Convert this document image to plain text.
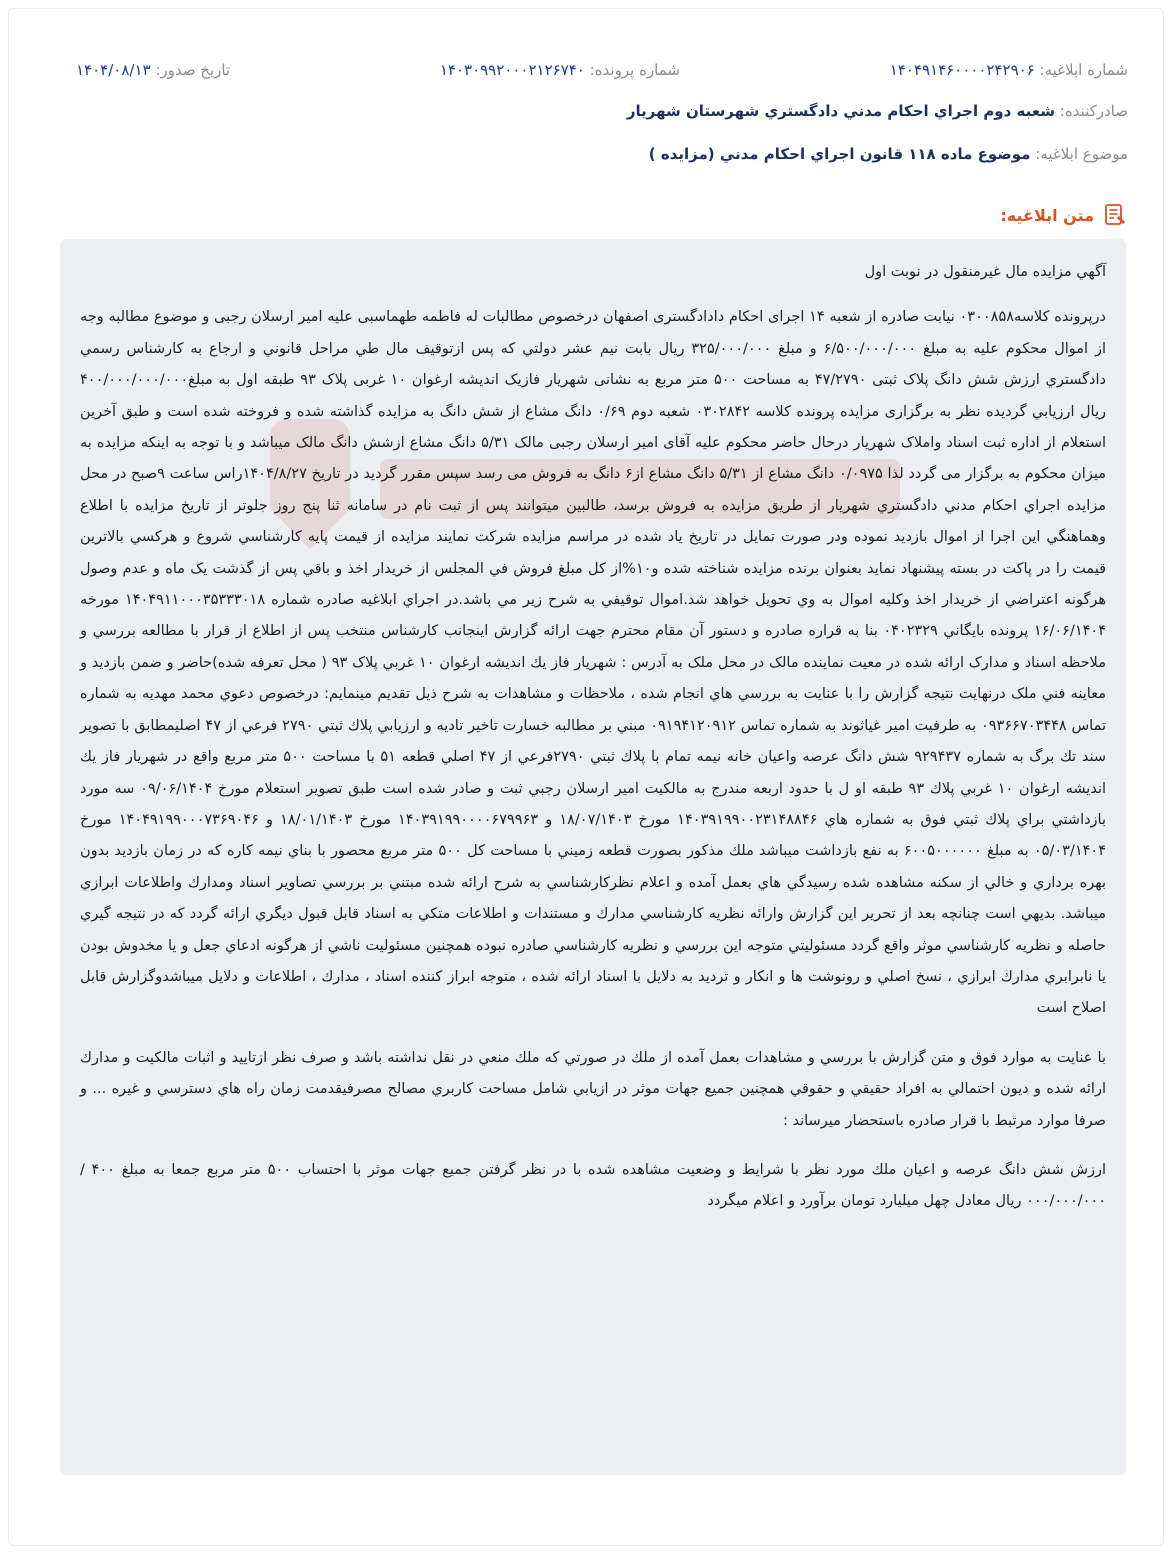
شماره ابلاغیه: ۱۴۰۴۹۱۴۶۰۰۰۰۲۴۲۹۰۶
شماره پرونده: ۱۴۰۳۰۹۹۲۰۰۰۲۱۲۶۷۴۰
تاریخ صدور: ۱۴۰۴/۰۸/۱۳
صادرکننده: شعبه دوم اجراي احکام مدني دادگستري شهرستان شهريار
موضوع ابلاغیه: موضوع ماده ۱۱۸ قانون اجراي احکام مدني (مزايده )
متن ابلاغیه:

آگهي مزايده مال غيرمنقول در نوبت اول

درپرونده کلاسه۰۳۰۰۸۵۸ نيابت صادره از شعبه ۱۴ اجرای احکام دادادگستری اصفهان درخصوص مطالبات له فاطمه طهماسبی علیه امیر ارسلان رجبی و موضوع مطالبه وجه از اموال محکوم علیه به مبلغ ۶/۵۰۰/۰۰۰/۰۰۰ و مبلغ ۳۲۵/۰۰۰/۰۰۰ ريال بابت نيم عشر دولتي که پس ازتوقيف مال طي مراحل قانوني و ارجاع به کارشناس رسمي دادگستري ارزش شش دانگ پلاک ثبتی ۴۷/۲۷۹۰ به مساحت ۵۰۰ متر مربع به نشانی شهريار فازيک انديشه ارغوان ۱۰ غربی پلاک ۹۳ طبقه اول به مبلغ۴۰۰/۰۰۰/۰۰۰/۰۰۰ ريال ارزيابي گرديده نظر به برگزاری مزايده پرونده کلاسه ۰۳۰۲۸۴۲ شعبه دوم ۰/۶۹ دانگ مشاع از شش دانگ به مزايده گذاشته شده و فروخته شده است و طبق آخرين استعلام از اداره ثبت اسناد واملاک شهريار درحال حاضر محکوم عليه آقای امير ارسلان رجبی مالک ۵/۳۱ دانگ مشاع ازشش دانگ مالک ميباشد و با توجه به اينکه مزايده به ميزان محکوم به برگزار می گردد لذا ۰/۰۹۷۵ دانگ مشاع از ۵/۳۱ دانگ مشاع از۶ دانگ به فروش می رسد سپس مقرر گرديد در تاريخ ۱۴۰۴/۸/۲۷راس ساعت ۹صبح در محل مزايده اجراي احکام مدني دادگستري شهريار از طريق مزايده به فروش برسد، طالبين ميتوانند پس از ثبت نام در سامانه ثنا پنج روز جلوتر از تاريخ مزايده با اطلاع وهماهنگي اين اجرا از اموال بازديد نموده ودر صورت تمايل در تاريخ ياد شده در مراسم مزايده شرکت نمايند مزايده از قيمت پايه کارشناسي شروع و هرکسي بالاترين قيمت را در پاکت در بسته پيشنهاد نمايد بعنوان برنده مزايده شناخته شده و۱۰%از کل مبلغ فروش في المجلس از خريدار اخذ و باقي پس از گذشت يک ماه و عدم وصول هرگونه اعتراضي از خريدار اخذ وکليه اموال به وي تحويل خواهد شد.اموال توقيفي به شرح زير مي باشد.در اجراي ابلاغيه صادره شماره ۱۴۰۴۹۱۱۰۰۰۳۵۳۳۳۰۱۸ مورخه ۱۶/۰۶/۱۴۰۴ پرونده بايگاني ۰۴۰۲۳۲۹ بنا به قراره صادره و دستور آن مقام محترم جهت ارائه گزارش اينجانب کارشناس منتخب پس از اطلاع از قرار با مطالعه بررسي و ملاحظه اسناد و مدارک ارائه شده در معيت نماينده مالک در محل ملک به آدرس : شهريار فاز يك انديشه ارغوان ۱۰ غربي پلاک ۹۳ ( محل تعرفه شده)حاضر و ضمن بازديد و معاينه فني ملک درنهايت نتيجه گزارش را با عنايت به بررسي هاي انجام شده ، ملاحظات و مشاهدات به شرح ذيل تقديم مينمايم: درخصوص دعوي محمد مهديه به شماره تماس ۰۹۳۶۶۷۰۳۴۴۸ به طرفيت امير غياثوند به شماره تماس ۰۹۱۹۴۱۲۰۹۱۲ مبني بر مطالبه خسارت تاخير تاديه و ارزيابي پلاك ثبتي ۲۷۹۰ فرعي از ۴۷ اصليمطابق با تصوير سند تك برگ به شماره ۹۲۹۴۳۷ شش دانگ عرصه واعيان خانه نيمه تمام با پلاك ثبتي ۲۷۹۰فرعي از ۴۷ اصلي قطعه ۵۱ با مساحت ۵۰۰ متر مربع واقع در شهريار فاز يك انديشه ارغوان ۱۰ غربي پلاك ۹۳ طبقه او ل با حدود اربعه مندرج به مالکيت امير ارسلان رجبي ثبت و صادر شده است طبق تصوير استعلام مورخ ۰۹/۰۶/۱۴۰۴ سه مورد بازداشتي براي پلاك ثبتي فوق به شماره هاي ۱۴۰۳۹۱۹۹۰۰۲۳۱۴۸۸۴۶ مورخ ۱۸/۰۷/۱۴۰۳ و ۱۴۰۳۹۱۹۹۰۰۰۰۶۷۹۹۶۳ مورخ ۱۸/۰۱/۱۴۰۳ و ۱۴۰۴۹۱۹۹۰۰۰۷۳۶۹۰۴۶ مورخ ۰۵/۰۳/۱۴۰۴ به مبلغ ۶۰۰۵۰۰۰۰۰۰ به نفع بازداشت ميباشد ملك مذكور بصورت قطعه زميني با مساحت كل ۵۰۰ متر مربع محصور با بناي نيمه كاره كه در زمان بازديد بدون بهره برداري و خالي از سكنه مشاهده شده رسيدگي هاي بعمل آمده و اعلام نظركارشناسي به شرح ارائه شده مبتني بر بررسي تصاوير اسناد ومدارك واطلاعات ابرازي ميباشد. بديهي است چنانچه بعد از تحرير اين گزارش وارائه نظريه كارشناسي مدارك و مستندات و اطلاعات متكي به اسناد قابل قبول ديگري ارائه گردد كه در نتيجه گيري حاصله و نظريه كارشناسي موثر واقع گردد مسئوليتي متوجه اين بررسي و نظريه كارشناسي صادره نبوده همچنين مسئوليت ناشي از هرگونه ادعاي جعل و يا مخدوش بودن يا نابرابري مدارك ابرازي ، نسخ اصلي و رونوشت ها و انكار و ترديد به دلايل با اسناد ارائه شده ، متوجه ابراز كننده اسناد ، مدارك ، اطلاعات و دلايل ميباشدوگزارش قابل اصلاح است

با عنايت به موارد فوق و متن گزارش با بررسي و مشاهدات بعمل آمده از ملك در صورتي كه ملك منعي در نقل نداشته باشد و صرف نظر ازتاييد و اثبات مالكيت و مدارك ارائه شده و ديون احتمالي به افراد حقيقي و حقوقي همچنين جميع جهات موثر در ازيابي شامل مساحت كاربري مصالح مصرفيقدمت زمان راه هاي دسترسي و غيره ... و صرفا موارد مرتبط با قرار صادره باستحضار ميرساند :

ارزش شش دانگ عرصه و اعيان ملك مورد نظر با شرايط و وضعيت مشاهده شده با در نظر گرفتن جميع جهات موثر با احتساب ۵۰۰ متر مربع جمعا به مبلغ ۴۰۰ /۰۰۰/۰۰۰/۰۰۰ ريال معادل چهل ميليارد تومان برآورد و اعلام ميگردد
